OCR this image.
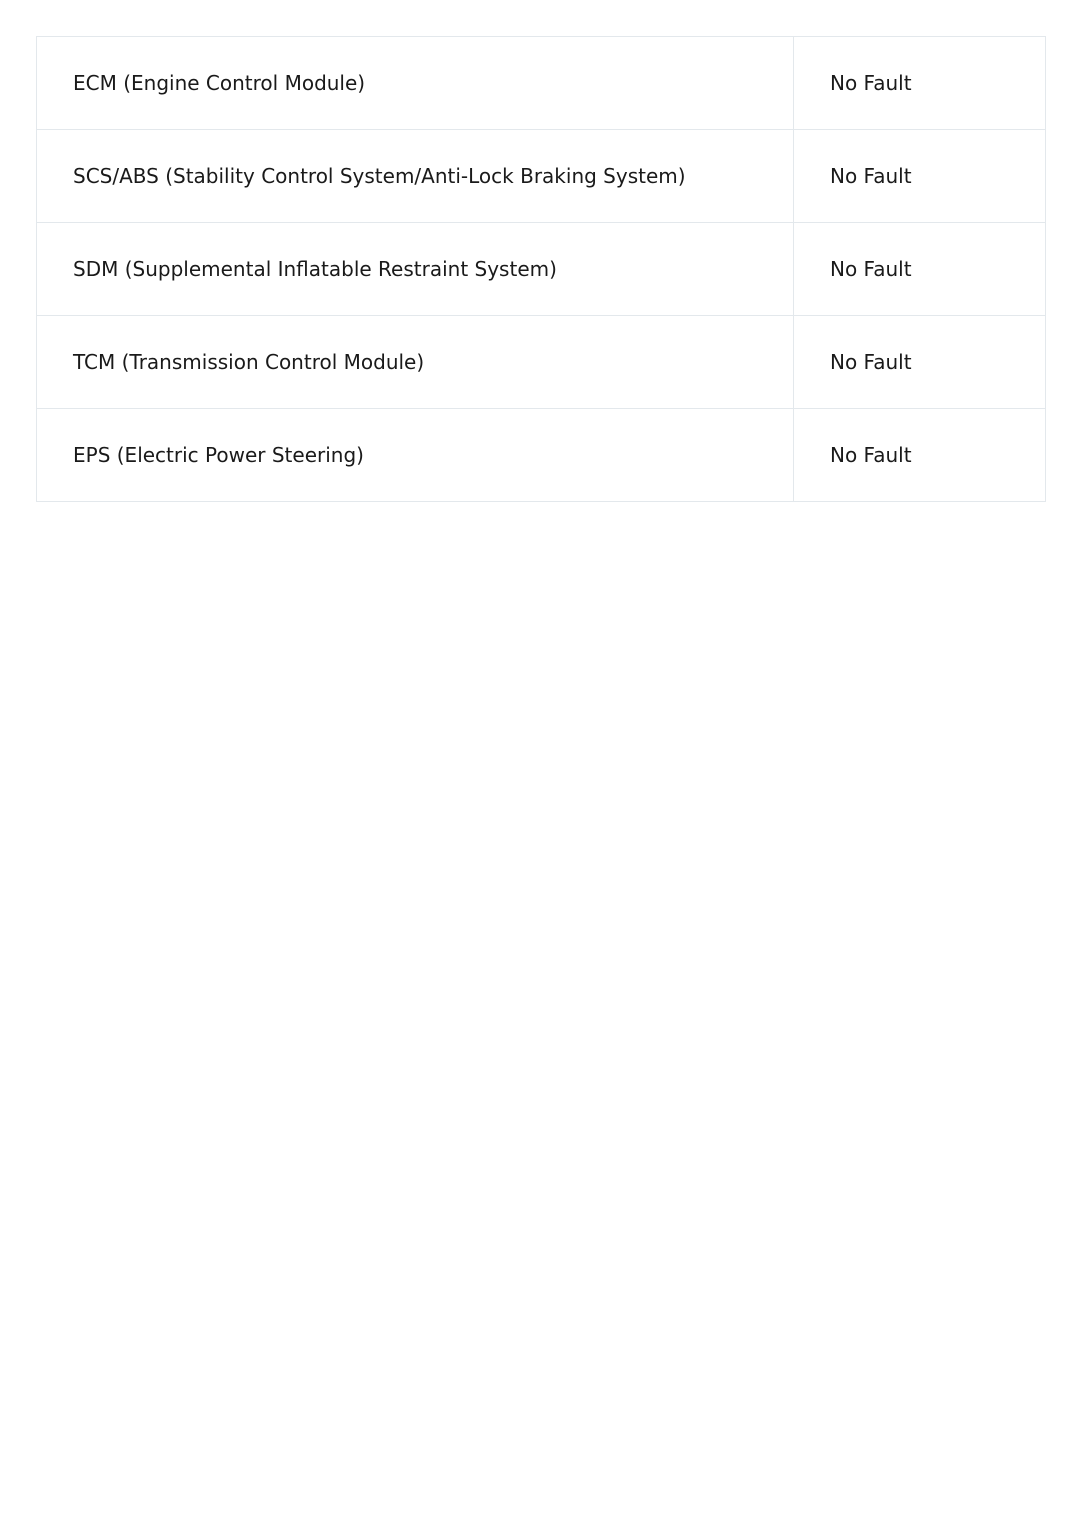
ECM (Engine Control Module)	No Fault
SCS/ABS (Stability Control System/Anti-Lock Braking System)	No Fault
SDM (Supplemental Inflatable Restraint System)	No Fault
TCM (Transmission Control Module)	No Fault
EPS (Electric Power Steering)	No Fault
